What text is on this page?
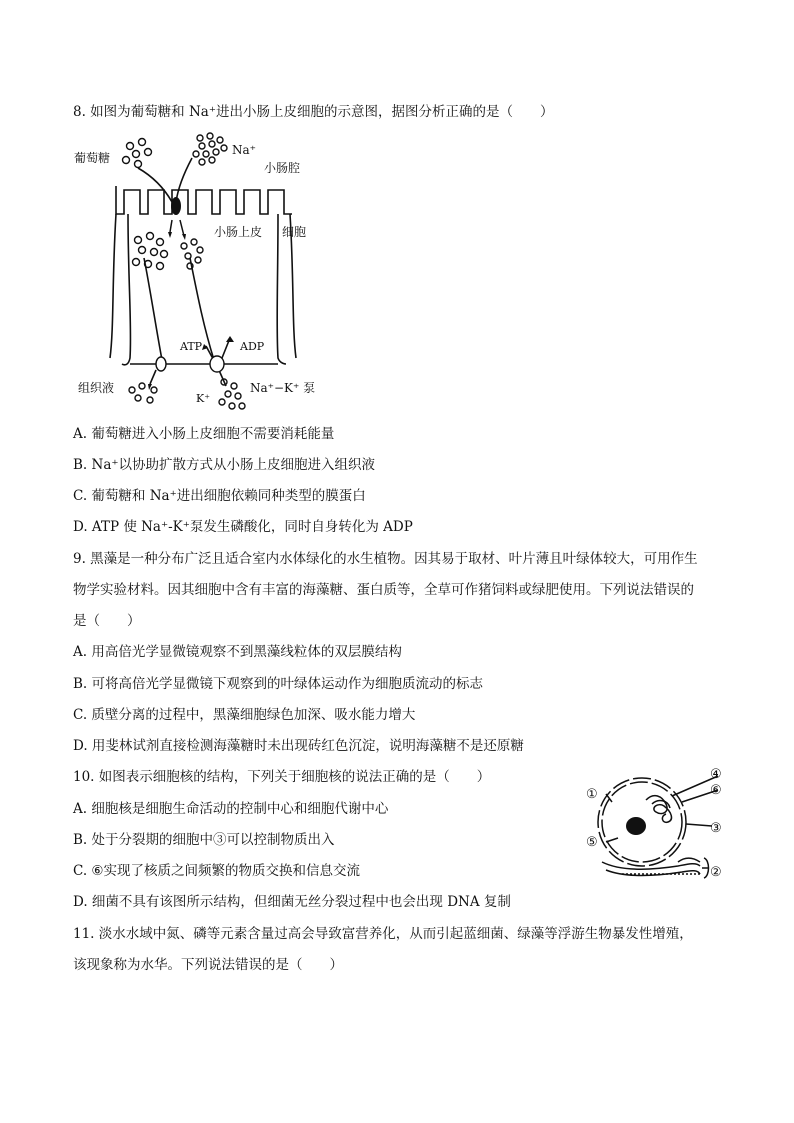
8. 如图为葡萄糖和 Na⁺进出小肠上皮细胞的示意图，据图分析正确的是（　　）
葡萄糖
Na⁺
小肠腔
小肠上皮 细胞
ATP	ADP
组织液
K⁺
Na⁺−K⁺ 泵
A. 葡萄糖进入小肠上皮细胞不需要消耗能量
B. Na⁺以协助扩散方式从小肠上皮细胞进入组织液
C. 葡萄糖和 Na⁺进出细胞依赖同种类型的膜蛋白
D. ATP 使 Na⁺-K⁺泵发生磷酸化，同时自身转化为 ADP
9. 黑藻是一种分布广泛且适合室内水体绿化的水生植物。因其易于取材、叶片薄且叶绿体较大，可用作生
物学实验材料。因其细胞中含有丰富的海藻糖、蛋白质等，全草可作猪饲料或绿肥使用。下列说法错误的
是（　　）
A. 用高倍光学显微镜观察不到黑藻线粒体的双层膜结构
B. 可将高倍光学显微镜下观察到的叶绿体运动作为细胞质流动的标志
C. 质壁分离的过程中，黑藻细胞绿色加深、吸水能力增大
D. 用斐林试剂直接检测海藻糖时未出现砖红色沉淀，说明海藻糖不是还原糖
10. 如图表示细胞核的结构，下列关于细胞核的说法正确的是（　　）
A. 细胞核是细胞生命活动的控制中心和细胞代谢中心
B. 处于分裂期的细胞中③可以控制物质出入
C. ⑥实现了核质之间频繁的物质交换和信息交流
D. 细菌不具有该图所示结构，但细菌无丝分裂过程中也会出现 DNA 复制
①
②
③
④
⑤
⑥
11. 淡水水域中氮、磷等元素含量过高会导致富营养化，从而引起蓝细菌、绿藻等浮游生物暴发性增殖，
该现象称为水华。下列说法错误的是（　　）
